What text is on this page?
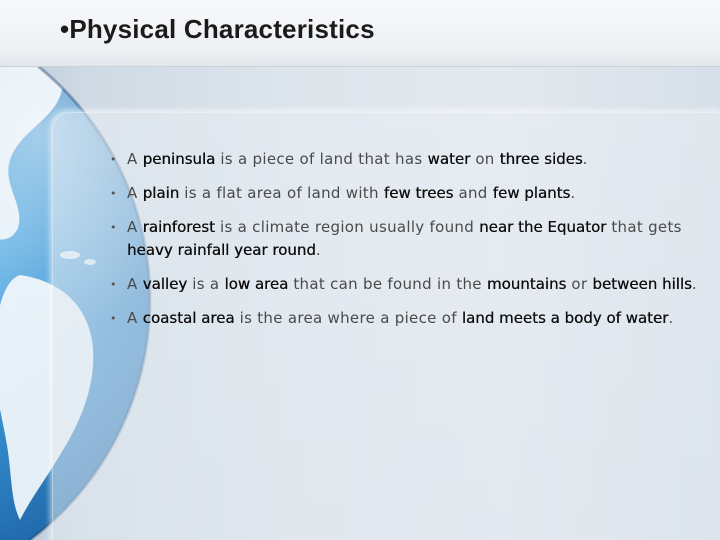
•Physical Characteristics
• A peninsula is a piece of land that has water on three sides.
• A plain is a flat area of land with few trees and few plants.
• A rainforest is a climate region usually found near the Equator that gets heavy rainfall year round.
• A valley is a low area that can be found in the mountains or between hills.
• A coastal area is the area where a piece of land meets a body of water.
